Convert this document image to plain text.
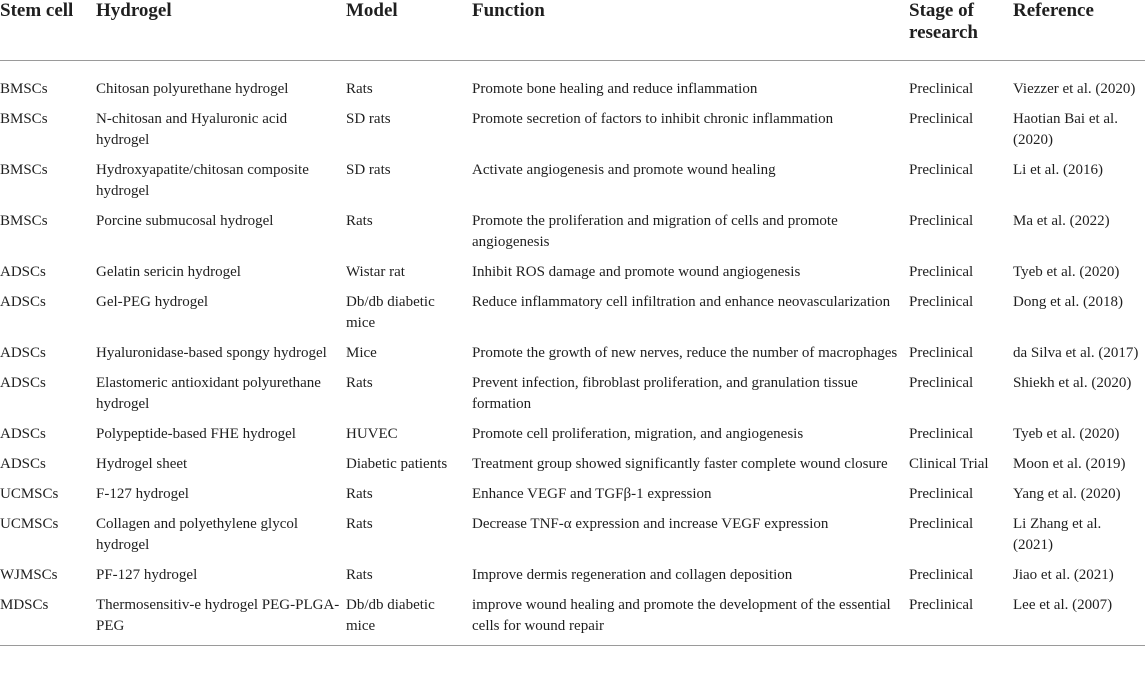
Stem cell	Hydrogel	Model	Function	Stage of research	Reference
BMSCs	Chitosan polyurethane hydrogel	Rats	Promote bone healing and reduce inflammation	Preclinical	Viezzer et al. (2020)
BMSCs	N-chitosan and Hyaluronic acid hydrogel	SD rats	Promote secretion of factors to inhibit chronic inflammation	Preclinical	Haotian Bai et al. (2020)
BMSCs	Hydroxyapatite/chitosan composite hydrogel	SD rats	Activate angiogenesis and promote wound healing	Preclinical	Li et al. (2016)
BMSCs	Porcine submucosal hydrogel	Rats	Promote the proliferation and migration of cells and promote angiogenesis	Preclinical	Ma et al. (2022)
ADSCs	Gelatin sericin hydrogel	Wistar rat	Inhibit ROS damage and promote wound angiogenesis	Preclinical	Tyeb et al. (2020)
ADSCs	Gel-PEG hydrogel	Db/db diabetic mice	Reduce inflammatory cell infiltration and enhance neovascularization	Preclinical	Dong et al. (2018)
ADSCs	Hyaluronidase-based spongy hydrogel	Mice	Promote the growth of new nerves, reduce the number of macrophages	Preclinical	da Silva et al. (2017)
ADSCs	Elastomeric antioxidant polyurethane hydrogel	Rats	Prevent infection, fibroblast proliferation, and granulation tissue formation	Preclinical	Shiekh et al. (2020)
ADSCs	Polypeptide-based FHE hydrogel	HUVEC	Promote cell proliferation, migration, and angiogenesis	Preclinical	Tyeb et al. (2020)
ADSCs	Hydrogel sheet	Diabetic patients	Treatment group showed significantly faster complete wound closure	Clinical Trial	Moon et al. (2019)
UCMSCs	F-127 hydrogel	Rats	Enhance VEGF and TGFβ-1 expression	Preclinical	Yang et al. (2020)
UCMSCs	Collagen and polyethylene glycol hydrogel	Rats	Decrease TNF-α expression and increase VEGF expression	Preclinical	Li Zhang et al. (2021)
WJMSCs	PF-127 hydrogel	Rats	Improve dermis regeneration and collagen deposition	Preclinical	Jiao et al. (2021)
MDSCs	Thermosensitiv-e hydrogel PEG-PLGA-PEG	Db/db diabetic mice	improve wound healing and promote the development of the essential cells for wound repair	Preclinical	Lee et al. (2007)
